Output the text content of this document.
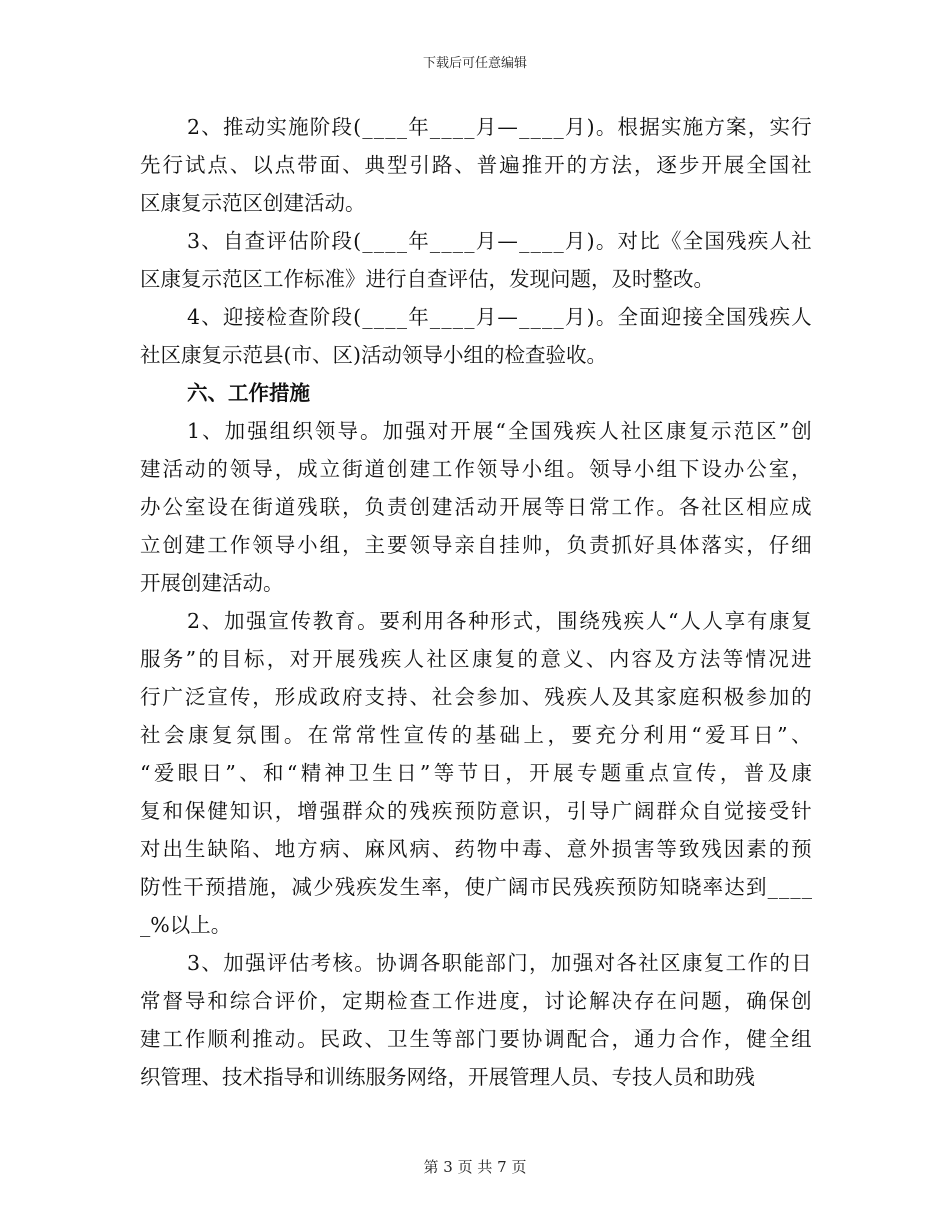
下载后可任意编辑
2 、 推 动 实 施 阶 段 ( _ _ _ _ 年 _ _ _ _ 月 — _ _ _ _ 月 ) 。 根 据 实 施 方 案 ， 实 行
先 行 试 点 、 以 点 带 面 、 典 型 引 路 、 普 遍 推 开 的 方 法 ， 逐 步 开 展 全 国 社
区康复示范区创建活动。
3 、 自 查 评 估 阶 段 ( _ _ _ _ 年 _ _ _ _ 月 — _ _ _ _ 月 ) 。 对 比 《 全 国 残 疾 人 社
区康复示范区工作标准》进行自查评估，发现问题，及时整改。
4 、 迎 接 检 查 阶 段 ( _ _ _ _ 年 _ _ _ _ 月 — _ _ _ _ 月 ) 。 全 面 迎 接 全 国 残 疾 人
社区康复示范县(市、区)活动领导小组的检查验收。
六、工作措施
1 、 加 强 组 织 领 导 。 加 强 对 开 展 “ 全 国 残 疾 人 社 区 康 复 示 范 区 ” 创
建 活 动 的 领 导 ， 成 立 街 道 创 建 工 作 领 导 小 组 。 领 导 小 组 下 设 办 公 室 ，
办 公 室 设 在 街 道 残 联 ， 负 责 创 建 活 动 开 展 等 日 常 工 作 。 各 社 区 相 应 成
立 创 建 工 作 领 导 小 组 ， 主 要 领 导 亲 自 挂 帅 ， 负 责 抓 好 具 体 落 实 ， 仔 细
开展创建活动。
2 、 加 强 宣 传 教 育 。 要 利 用 各 种 形 式 ， 围 绕 残 疾 人 “ 人 人 享 有 康 复
服 务 ” 的 目 标 ， 对 开 展 残 疾 人 社 区 康 复 的 意 义 、 内 容 及 方 法 等 情 况 进
行 广 泛 宣 传 ， 形 成 政 府 支 持 、 社 会 参 加 、 残 疾 人 及 其 家 庭 积 极 参 加 的
社 会 康 复 氛 围 。 在 常 常 性 宣 传 的 基 础 上 ， 要 充 分 利 用 “ 爱 耳 日 ” 、
“ 爱 眼 日 ” 、 和 “ 精 神 卫 生 日 ” 等 节 日 ， 开 展 专 题 重 点 宣 传 ， 普 及 康
复 和 保 健 知 识 ， 增 强 群 众 的 残 疾 预 防 意 识 ， 引 导 广 阔 群 众 自 觉 接 受 针
对 出 生 缺 陷 、 地 方 病 、 麻 风 病 、 药 物 中 毒 、 意 外 损 害 等 致 残 因 素 的 预
防 性 干 预 措 施 ， 减 少 残 疾 发 生 率 ， 使 广 阔 市 民 残 疾 预 防 知 晓 率 达 到 _ _ _ _
_%以上。
3 、 加 强 评 估 考 核 。 协 调 各 职 能 部 门 ， 加 强 对 各 社 区 康 复 工 作 的 日
常 督 导 和 综 合 评 价 ， 定 期 检 查 工 作 进 度 ， 讨 论 解 决 存 在 问 题 ， 确 保 创
建 工 作 顺 利 推 动 。 民 政 、 卫 生 等 部 门 要 协 调 配 合 ， 通 力 合 作 ， 健 全 组
织管理、技术指导和训练服务网络，开展管理人员、专技人员和助残
第 3 页 共 7 页
